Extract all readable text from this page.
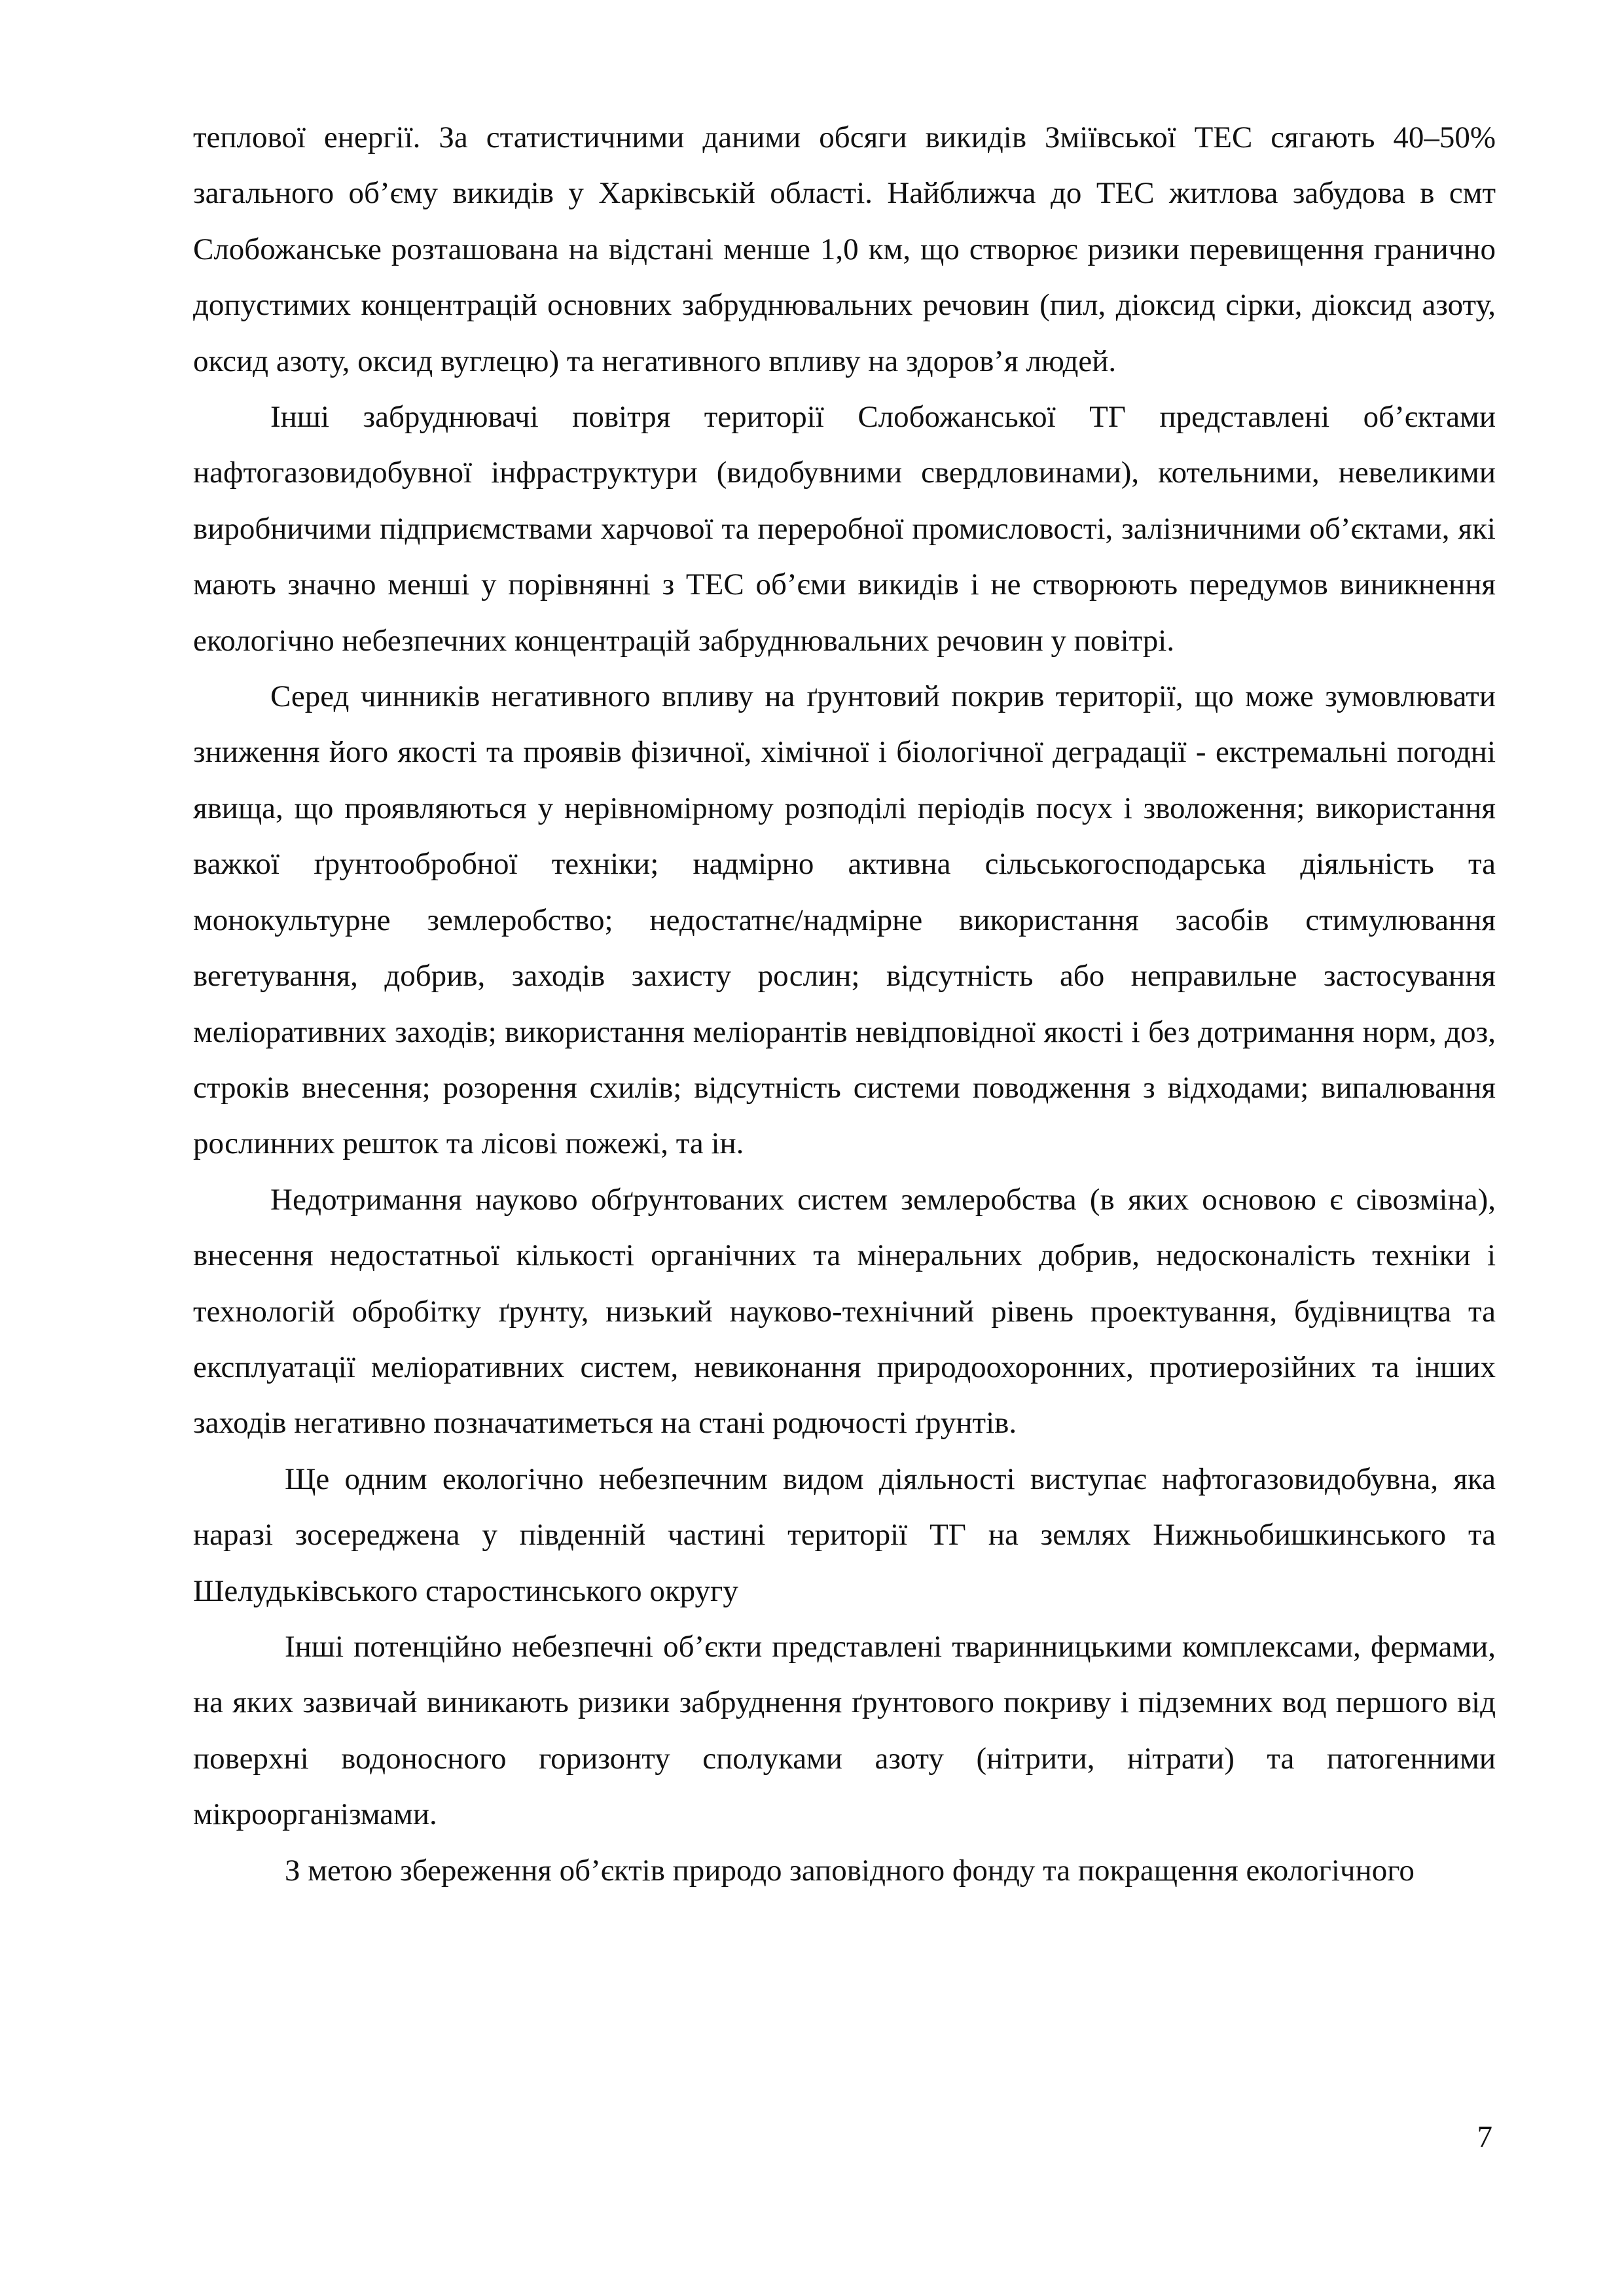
теплової енергії. За статистичними даними обсяги викидів Зміївської ТЕС сягають 40–50% загального об’єму викидів у Харківській області. Найближча до ТЕС житлова забудова в смт Слобожанське розташована на відстані менше 1,0 км, що створює ризики перевищення гранично допустимих концентрацій основних забруднювальних речовин (пил, діоксид сірки, діоксид азоту, оксид азоту, оксид вуглецю) та негативного впливу на здоров’я людей.

Інші забруднювачі повітря території Слобожанської ТГ представлені об’єктами нафтогазовидобувної інфраструктури (видобувними свердловинами), котельними, невеликими виробничими підприємствами харчової та переробної промисловості, залізничними об’єктами, які мають значно менші у порівнянні з ТЕС об’єми викидів і не створюють передумов виникнення екологічно небезпечних концентрацій забруднювальних речовин у повітрі.

Серед чинників негативного впливу на ґрунтовий покрив території, що може зумовлювати зниження його якості та проявів фізичної, хімічної і біологічної деградації - екстремальні погодні явища, що проявляються у нерівномірному розподілі періодів посух і зволоження; використання важкої ґрунтообробної техніки; надмірно активна сільськогосподарська діяльність та монокультурне землеробство; недостатнє/надмірне використання засобів стимулювання вегетування, добрив, заходів захисту рослин; відсутність або неправильне застосування меліоративних заходів; використання меліорантів невідповідної якості і без дотримання норм, доз, строків внесення; розорення схилів; відсутність системи поводження з відходами; випалювання рослинних решток та лісові пожежі, та ін.

Недотримання науково обґрунтованих систем землеробства (в яких основою є сівозміна), внесення недостатньої кількості органічних та мінеральних добрив, недосконалість техніки і технологій обробітку ґрунту, низький науково-технічний рівень проектування, будівництва та експлуатації меліоративних систем, невиконання природоохоронних, протиерозійних та інших заходів негативно позначатиметься на стані родючості ґрунтів.

Ще одним екологічно небезпечним видом діяльності виступає нафтогазовидобувна, яка наразі зосереджена у південній частині території ТГ на землях Нижньобишкинського та Шелудьківського старостинського округу

Інші потенційно небезпечні об’єкти представлені тваринницькими комплексами, фермами, на яких зазвичай виникають ризики забруднення ґрунтового покриву і підземних вод першого від поверхні водоносного горизонту сполуками азоту (нітрити, нітрати) та патогенними мікроорганізмами.

З метою збереження об’єктів природо заповідного фонду та покращення екологічного

7
